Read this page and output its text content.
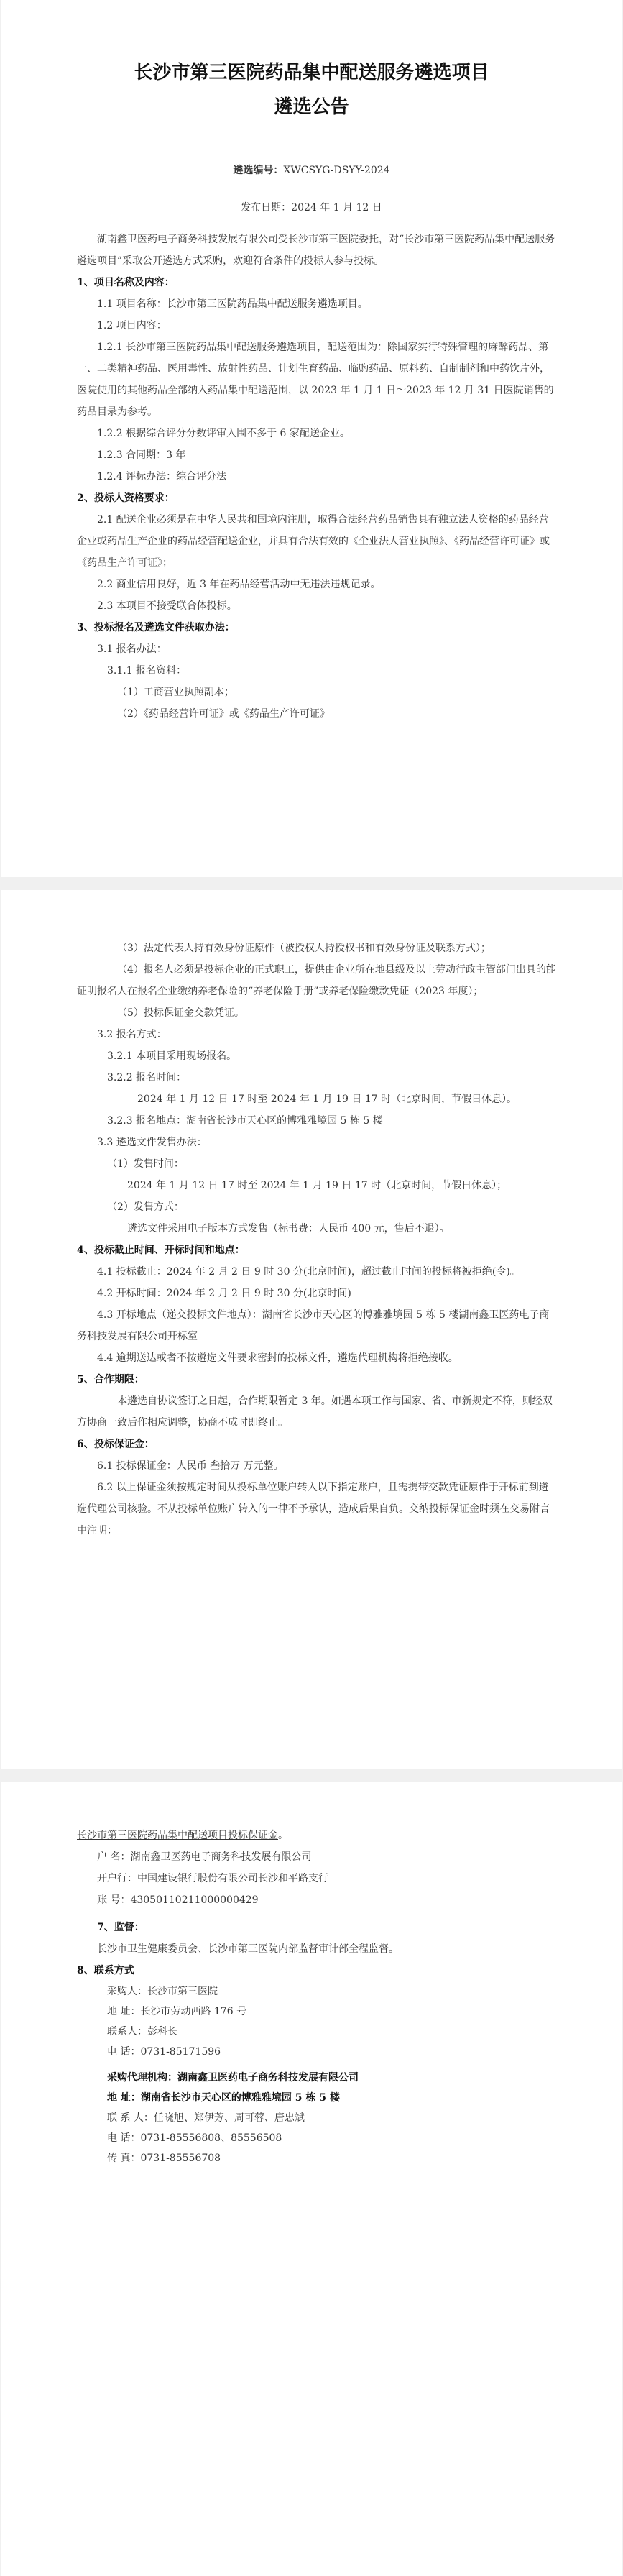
长沙市第三医院药品集中配送服务遴选项目
遴选公告
遴选编号：XWCSYG-DSYY-2024
发布日期：2024 年 1 月 12 日

湖南鑫卫医药电子商务科技发展有限公司受长沙市第三医院委托，对“长沙市第三医院药品集中配送服务遴选项目”采取公开遴选方式采购，欢迎符合条件的投标人参与投标。

1、项目名称及内容：

1.1 项目名称：长沙市第三医院药品集中配送服务遴选项目。

1.2 项目内容：

1.2.1 长沙市第三医院药品集中配送服务遴选项目，配送范围为：除国家实行特殊管理的麻醉药品、第一、二类精神药品、医用毒性、放射性药品、计划生育药品、临购药品、原料药、自制制剂和中药饮片外，医院使用的其他药品全部纳入药品集中配送范围，以 2023 年 1 月 1 日～2023 年 12 月 31 日医院销售的药品目录为参考。

1.2.2 根据综合评分分数评审入围不多于 6 家配送企业。

1.2.3 合同期：3 年

1.2.4 评标办法：综合评分法

2、投标人资格要求：

2.1 配送企业必须是在中华人民共和国境内注册，取得合法经营药品销售具有独立法人资格的药品经营企业或药品生产企业的药品经营配送企业，并具有合法有效的《企业法人营业执照》、《药品经营许可证》或《药品生产许可证》；

2.2 商业信用良好，近 3 年在药品经营活动中无违法违规记录。

2.3 本项目不接受联合体投标。

3、投标报名及遴选文件获取办法：

3.1 报名办法：

3.1.1 报名资料：

（1）工商营业执照副本；

（2）《药品经营许可证》或《药品生产许可证》

（3）法定代表人持有效身份证原件（被授权人持授权书和有效身份证及联系方式）；

（4）报名人必须是投标企业的正式职工，提供由企业所在地县级及以上劳动行政主管部门出具的能证明报名人在报名企业缴纳养老保险的“养老保险手册”或养老保险缴款凭证（2023 年度）；

（5）投标保证金交款凭证。

3.2 报名方式：

3.2.1 本项目采用现场报名。

3.2.2 报名时间：

2024 年 1 月 12 日 17 时至 2024 年 1 月 19 日 17 时（北京时间，节假日休息）。

3.2.3 报名地点：湖南省长沙市天心区的博雅雅境园 5 栋 5 楼

3.3 遴选文件发售办法：

（1）发售时间：

2024 年 1 月 12 日 17 时至 2024 年 1 月 19 日 17 时（北京时间，节假日休息）；

（2）发售方式：

遴选文件采用电子版本方式发售（标书费：人民币 400 元，售后不退）。

4、投标截止时间、开标时间和地点：

4.1 投标截止：2024 年 2 月 2 日 9 时 30 分(北京时间)，超过截止时间的投标将被拒绝(令)。

4.2 开标时间：2024 年 2 月 2 日 9 时 30 分(北京时间)

4.3 开标地点（递交投标文件地点）：湖南省长沙市天心区的博雅雅境园 5 栋 5 楼湖南鑫卫医药电子商务科技发展有限公司开标室

4.4 逾期送达或者不按遴选文件要求密封的投标文件，遴选代理机构将拒绝接收。

5、合作期限：

本遴选自协议签订之日起，合作期限暂定 3 年。如遇本项工作与国家、省、市新规定不符，则经双方协商一致后作相应调整，协商不成时即终止。

6、投标保证金：

6.1 投标保证金：人民币 叁拾万 万元整。

6.2 以上保证金须按规定时间从投标单位账户转入以下指定账户，且需携带交款凭证原件于开标前到遴选代理公司核验。不从投标单位账户转入的一律不予承认，造成后果自负。交纳投标保证金时须在交易附言中注明：

长沙市第三医院药品集中配送项目投标保证金。

户 名：湖南鑫卫医药电子商务科技发展有限公司

开户行：中国建设银行股份有限公司长沙和平路支行

账 号：43050110211000000429

7、监督：

长沙市卫生健康委员会、长沙市第三医院内部监督审计部全程监督。

8、联系方式

采购人：长沙市第三医院

地 址：长沙市劳动西路 176 号

联系人：彭科长

电 话：0731-85171596

采购代理机构：湖南鑫卫医药电子商务科技发展有限公司

地 址：湖南省长沙市天心区的博雅雅境园 5 栋 5 楼

联 系 人：任晓旭、郑伊芳、周可蓉、唐忠斌

电 话：0731-85556808、85556508

传 真：0731-85556708
